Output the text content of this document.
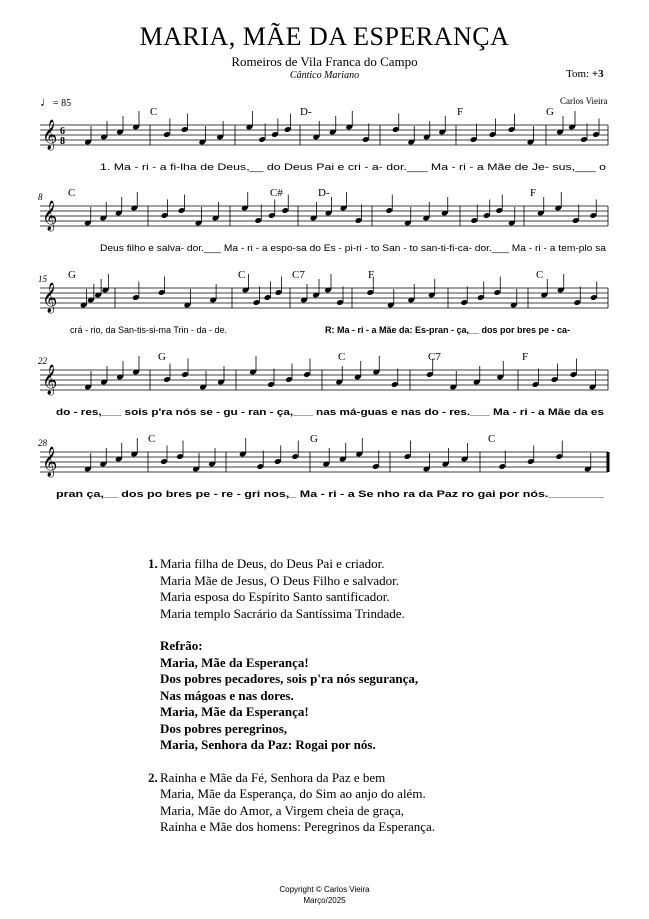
MARIA, MÃE DA ESPERANÇA
Romeiros de Vila Franca do Campo
Cântico Mariano	Tom: +3
Carlos Vieira
♩= 85
𝄞 6
8
C	D-	F	G
1. Ma - ri - a fi-lha de Deus,__ do Deus Pai e cri - a- dor.___ Ma - ri - a Mãe de Je- sus,___ o
𝄞
8 C	C#	D-	F
Deus filho e salva- dor.___ Ma - ri - a espo-sa do Es - pi-ri - to San - to san-ti-fi-ca- dor.___ Ma - ri - a tem-plo sa
𝄞
15 G	C	C7	F	C
crá - rio, da San-tis-si-ma Trin - da - de.	R: Ma - ri - a Mãe da: Es-pran - ça,__ dos por bres pe - ca-
𝄞
22	G	C	C7	F
do - res,___ sois p'ra nós se - gu - ran - ça,___ nas má-guas e nas do - res.___ Ma - ri - a Mãe da es
𝄞
28	C	G	C
pran ça,__ dos po bres pe - re - gri nos,_ Ma - ri - a Se nho ra da Paz ro gai por nós.________
1. Maria filha de Deus, do Deus Pai e criador.
Maria Mãe de Jesus, O Deus Filho e salvador.
Maria esposa do Espírito Santo santificador.
Maria templo Sacrário da Santíssima Trindade.
Refrão:
Maria, Mãe da Esperança!
Dos pobres pecadores, sois p'ra nós segurança,
Nas mágoas e nas dores.
Maria, Mãe da Esperança!
Dos pobres peregrinos,
Maria, Senhora da Paz: Rogai por nós.
2. Rainha e Mãe da Fé, Senhora da Paz e bem
Maria, Mãe da Esperança, do Sim ao anjo do além.
Maria, Mãe do Amor, a Virgem cheia de graça,
Rainha e Mãe dos homens: Peregrinos da Esperança.
Copyright © Carlos Vieira
Março/2025
